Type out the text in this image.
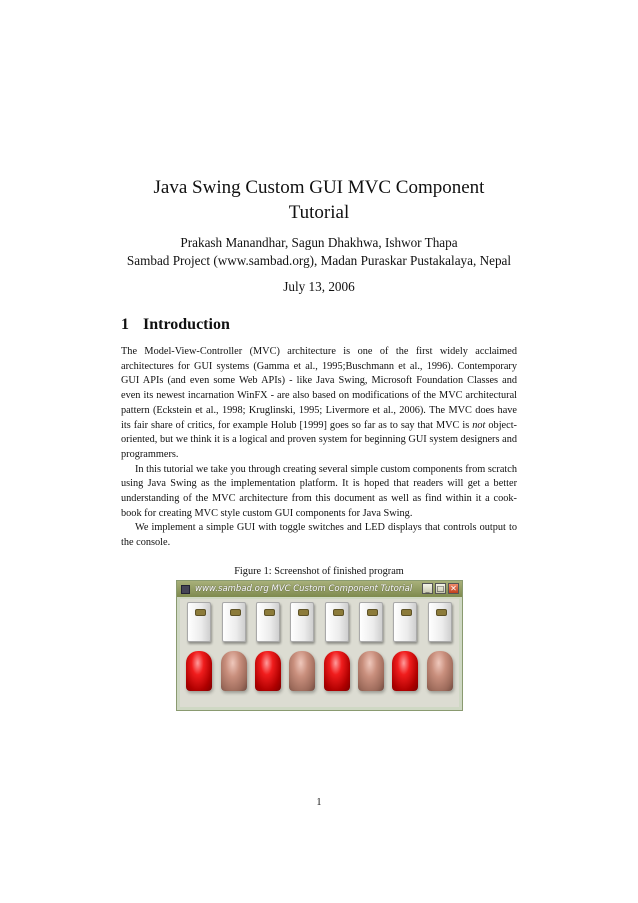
Java Swing Custom GUI MVC Component
Tutorial
Prakash Manandhar, Sagun Dhakhwa, Ishwor Thapa
Sambad Project (www.sambad.org), Madan Puraskar Pustakalaya, Nepal
July 13, 2006
1 Introduction

The Model-View-Controller (MVC) architecture is one of the first widely acclaimed architectures for GUI systems (Gamma et al., 1995;Buschmann et al., 1996). Contemporary GUI APIs (and even some Web APIs) - like Java Swing, Microsoft Foundation Classes and even its newest incarnation WinFX - are also based on modifications of the MVC architectural pattern (Eckstein et al., 1998; Kruglinski, 1995; Livermore et al., 2006). The MVC does have its fair share of critics, for example Holub [1999] goes so far as to say that MVC is not object-oriented, but we think it is a logical and proven system for beginning GUI system designers and programmers.

In this tutorial we take you through creating several simple custom components from scratch using Java Swing as the implementation platform. It is hoped that readers will get a better understanding of the MVC architecture from this document as well as find within it a cook-book for creating MVC style custom GUI components for Java Swing.

We implement a simple GUI with toggle switches and LED displays that controls output to the console.

Figure 1: Screenshot of finished program
www.sambad.org MVC Custom Component Tutorial	_ □ ✕
1
